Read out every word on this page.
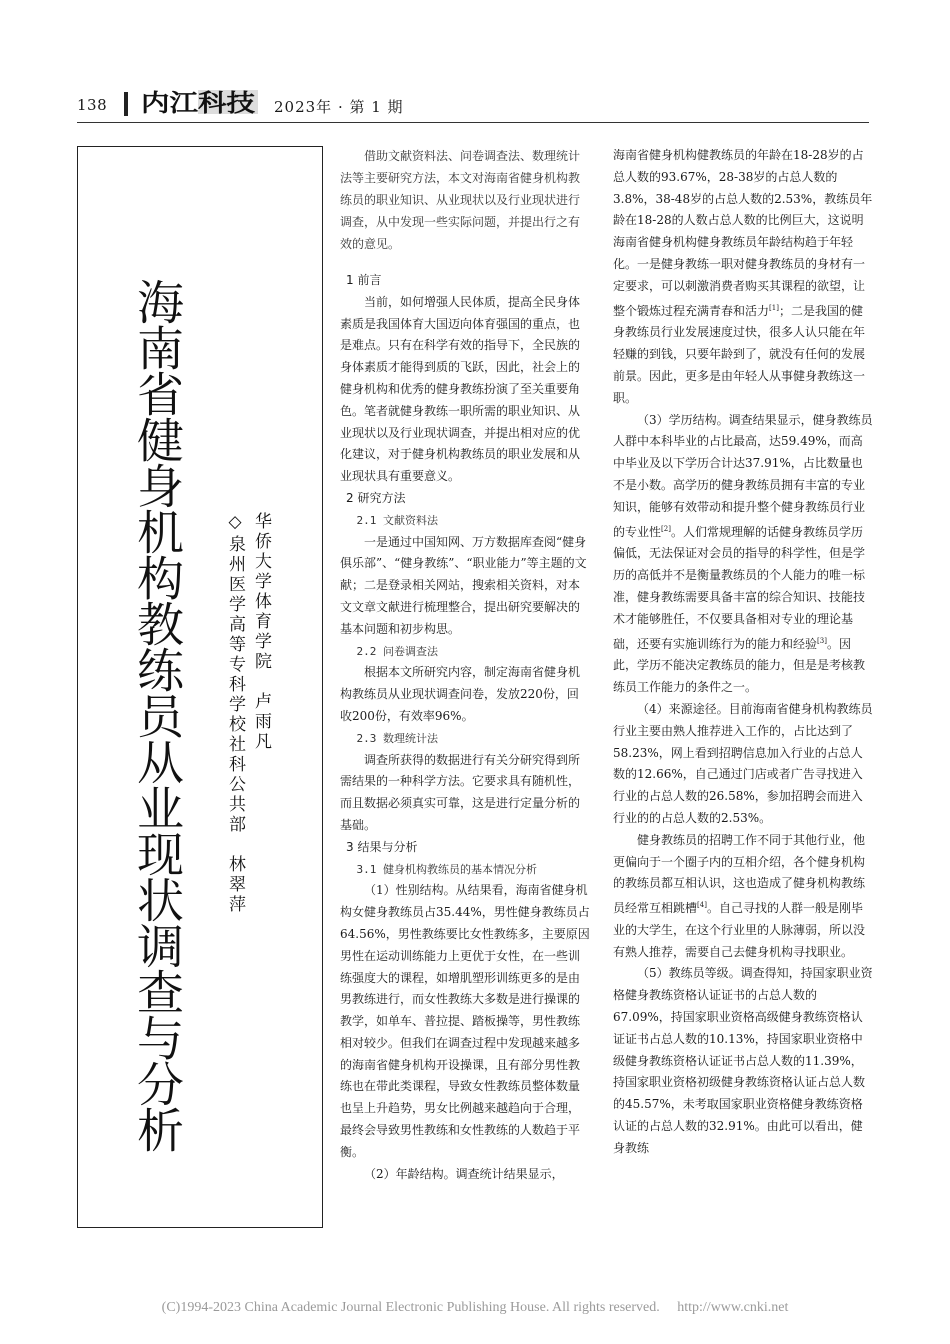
138 内江科技 2023年 · 第 1 期
海南省健身机构教练员从业现状调查与分析	华侨大学体育学院　卢雨凡
◇泉州医学高等专科学校社科公共部　林翠萍
借助文献资料法、问卷调查法、数理统计法等主要研究方法，本文对海南省健身机构教练员的职业知识、从业现状以及行业现状进行调查，从中发现一些实际问题，并提出行之有效的意见。
1 前言

当前，如何增强人民体质，提高全民身体素质是我国体育大国迈向体育强国的重点，也是难点。只有在科学有效的指导下，全民族的身体素质才能得到质的飞跃，因此，社会上的健身机构和优秀的健身教练扮演了至关重要角色。笔者就健身教练一职所需的职业知识、从业现状以及行业现状调查，并提出相对应的优化建议，对于健身机构教练员的职业发展和从业现状具有重要意义。

2 研究方法
2.1 文献资料法

一是通过中国知网、万方数据库查阅“健身俱乐部”、“健身教练”、“职业能力”等主题的文献；二是登录相关网站，搜索相关资料，对本文文章文献进行梳理整合，提出研究要解决的基本问题和初步构思。

2.2 问卷调查法

根据本文所研究内容，制定海南省健身机构教练员从业现状调查问卷，发放220份，回收200份，有效率96%。

2.3 数理统计法

调查所获得的数据进行有关分研究得到所需结果的一种科学方法。它要求具有随机性，而且数据必须真实可靠，这是进行定量分析的基础。

3 结果与分析
3.1 健身机构教练员的基本情况分析

（1）性别结构。从结果看，海南省健身机构女健身教练员占35.44%，男性健身教练员占64.56%，男性教练要比女性教练多，主要原因男性在运动训练能力上更优于女性，在一些训练强度大的课程，如增肌塑形训练更多的是由男教练进行，而女性教练大多数是进行操课的教学，如单车、普拉提、踏板操等，男性教练相对较少。但我们在调查过程中发现越来越多的海南省健身机构开设操课，且有部分男性教练也在带此类课程，导致女性教练员整体数量也呈上升趋势，男女比例越来越趋向于合理，最终会导致男性教练和女性教练的人数趋于平衡。

（2）年龄结构。调查统计结果显示，

海南省健身机构健教练员的年龄在18-28岁的占总人数的93.67%，28-38岁的占总人数的3.8%，38-48岁的占总人数的2.53%，教练员年龄在18-28的人数占总人数的比例巨大，这说明海南省健身机构健身教练员年龄结构趋于年轻化。一是健身教练一职对健身教练员的身材有一定要求，可以刺激消费者购买其课程的欲望，让整个锻炼过程充满青春和活力[1]；二是我国的健身教练员行业发展速度过快，很多人认只能在年轻赚的到钱，只要年龄到了，就没有任何的发展前景。因此，更多是由年轻人从事健身教练这一职。

（3）学历结构。调查结果显示，健身教练员人群中本科毕业的占比最高，达59.49%，而高中毕业及以下学历合计达37.91%，占比数量也不是小数。高学历的健身教练员拥有丰富的专业知识，能够有效带动和提升整个健身教练员行业的专业性[2]。人们常规理解的话健身教练员学历偏低，无法保证对会员的指导的科学性，但是学历的高低并不是衡量教练员的个人能力的唯一标准，健身教练需要具备丰富的综合知识、技能技术才能够胜任，不仅要具备相对专业的理论基础，还要有实施训练行为的能力和经验[3]。因此，学历不能决定教练员的能力，但是是考核教练员工作能力的条件之一。

（4）来源途径。目前海南省健身机构教练员行业主要由熟人推荐进入工作的，占比达到了58.23%，网上看到招聘信息加入行业的占总人数的12.66%，自己通过门店或者广告寻找进入行业的占总人数的26.58%，参加招聘会而进入行业的的占总人数的2.53%。

健身教练员的招聘工作不同于其他行业，他更偏向于一个圈子内的互相介绍，各个健身机构的教练员都互相认识，这也造成了健身机构教练员经常互相跳槽[4]。自己寻找的人群一般是刚毕业的大学生，在这个行业里的人脉薄弱，所以没有熟人推荐，需要自己去健身机构寻找职业。

（5）教练员等级。调查得知，持国家职业资格健身教练资格认证证书的占总人数的67.09%，持国家职业资格高级健身教练资格认证证书占总人数的10.13%，持国家职业资格中级健身教练资格认证证书占总人数的11.39%，持国家职业资格初级健身教练资格认证占总人数的45.57%，未考取国家职业资格健身教练资格认证的占总人数的32.91%。由此可以看出，健身教练

(C)1994-2023 China Academic Journal Electronic Publishing House. All rights reserved. http://www.cnki.net
